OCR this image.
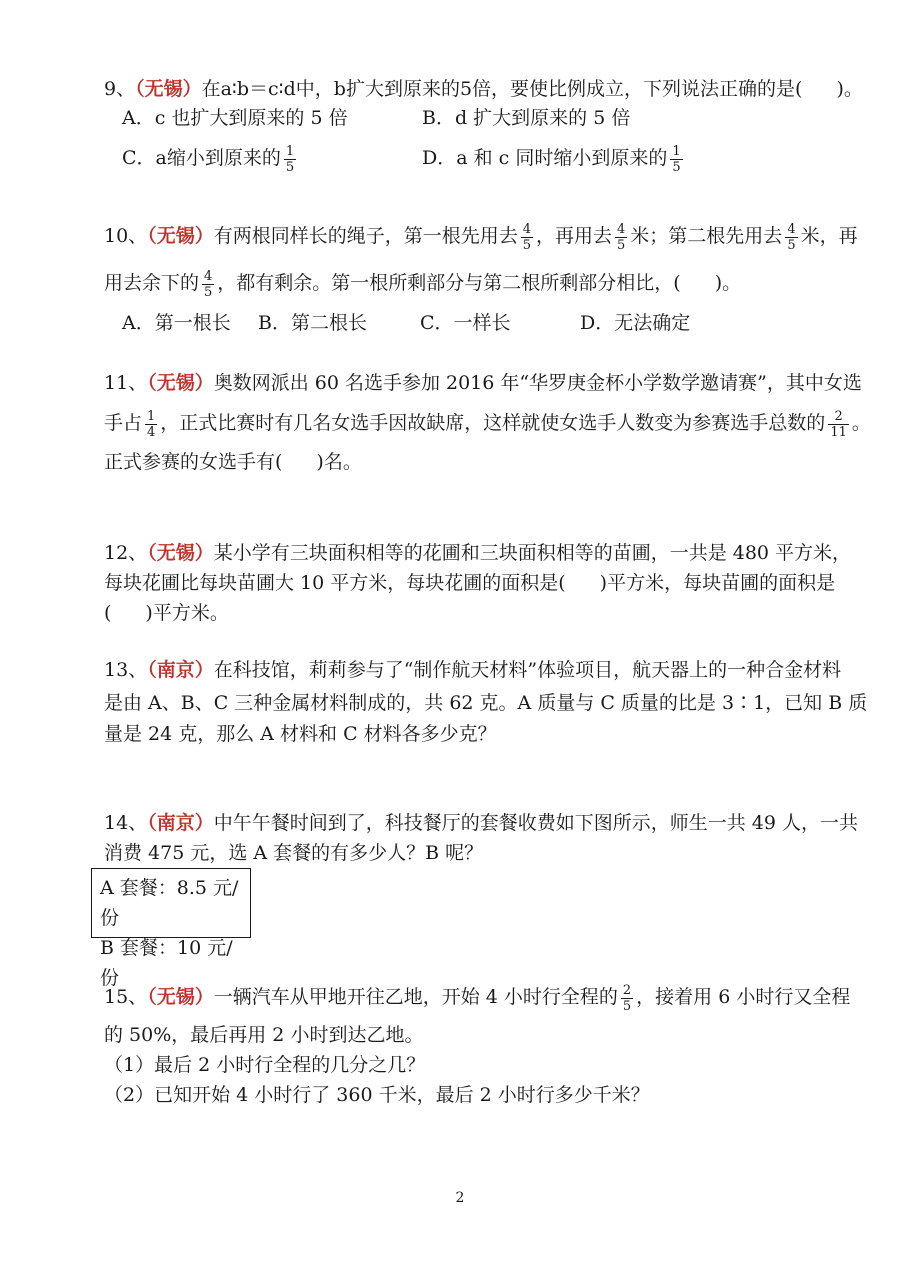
9、（无锡）在a∶b＝c∶d中，b扩大到原来的5倍，要使比例成立，下列说法正确的是( )。
A．c 也扩大到原来的 5 倍	B．d 扩大到原来的 5 倍
C．a缩小到原来的 $\frac{1}{5}$	D．a 和 c 同时缩小到原来的 $\frac{1}{5}$
10、（无锡）有两根同样长的绳子，第一根先用去 $\frac{4}{5}$ ，再用去 $\frac{4}{5}$ 米；第二根先用去 $\frac{4}{5}$ 米，再
用去余下的 $\frac{4}{5}$ ，都有剩余。第一根所剩部分与第二根所剩部分相比，( )。
A．第一根长 B．第二根长	C．一样长	D．无法确定
11、（无锡）奥数网派出 60 名选手参加 2016 年“华罗庚金杯小学数学邀请赛”，其中女选
手占 $\frac{1}{4}$ ，正式比赛时有几名女选手因故缺席，这样就使女选手人数变为参赛选手总数的 $\frac{2}{11}$ 。
正式参赛的女选手有( )名。
12、（无锡）某小学有三块面积相等的花圃和三块面积相等的苗圃，一共是 480 平方米，
每块花圃比每块苗圃大 10 平方米，每块花圃的面积是( )平方米，每块苗圃的面积是
( )平方米。
13、（南京）在科技馆，莉莉参与了“制作航天材料”体验项目，航天器上的一种合金材料
是由 A、B、C 三种金属材料制成的，共 62 克。A 质量与 C 质量的比是 3∶1，已知 B 质
量是 24 克，那么 A 材料和 C 材料各多少克？
14、（南京）中午午餐时间到了，科技餐厅的套餐收费如下图所示，师生一共 49 人，一共
消费 475 元，选 A 套餐的有多少人？B 呢？
A 套餐：8.5 元/份
B 套餐：10 元/份
15、（无锡）一辆汽车从甲地开往乙地，开始 4 小时行全程的 $\frac{2}{5}$ ，接着用 6 小时行又全程
的 50%，最后再用 2 小时到达乙地。
（1）最后 2 小时行全程的几分之几？
（2）已知开始 4 小时行了 360 千米，最后 2 小时行多少千米？
2
